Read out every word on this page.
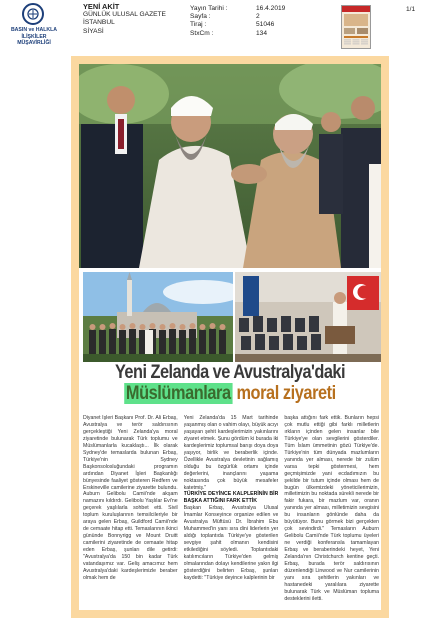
BASIN ve HALKLA İLİŞKİLER
MÜŞAVİRLİĞİ
YENİ AKİT
GÜNLÜK ULUSAL GAZETE
İSTANBUL
SİYASİ
Yayın Tarihi :
Sayfa :
Tiraj :
StxCm :
16.4.2019
2
51046
134
1/1
Yeni Zelanda ve Avustralya'daki
Müslümanlara moral ziyareti
Diyanet İşleri Başkanı Prof. Dr. Ali Erbaş, Avustralya ve terör saldırısının gerçekleştiği Yeni Zelanda'ya moral ziyaretinde bulunarak Türk toplumu ve Müslümanlarla kucaklaştı... İlk olarak Sydney'de temaslarda bulunan Erbaş, Türkiye'nin Sydney Başkonsolosluğundaki programın ardından Diyanet İşleri Başkanlığı bünyesinde faaliyet gösteren Redfern ve Erskineville camilerine ziyarette bulundu. Auburn Gelibolu Camii'nde akşam namazını kıldırdı. Gelibolu Yaşlılar Evi'ne geçerek yaşlılarla sohbet etti. Sivil toplum kuruluşlarının temsilcileriyle bir araya gelen Erbaş, Guildford Camii'nde de cemaate hitap etti. Temaslarının ikinci gününde Bonnyrigg ve Mount Druitt camilerini ziyaretinde de cemaate hitap eden Erbaş, şunları dile getirdi: "Avustralya'da 150 bin kadar Türk vatandaşımız var. Geliş amacımız hem Avustralya'daki kardeşlerimizle beraber olmak hem de
Yeni Zelanda'da 15 Mart tarihinde yaşanmış olan o vahim olayı, büyük acıyı yaşayan şehit kardeşlerimizin yakınlarını ziyaret etmek. Şunu gördüm ki burada iki kardeşlerimiz toplumsal barışı doya doya yaşıyor, birlik ve beraberlik içinde. Özellikle Avustralya devletinin sağlamış olduğu bu özgürlük ortamı içinde değerlerini, inançlarını yaşama noktasında çok büyük mesafeler katetmiş."
TÜRKİYE DEYİNCE KALPLERİNİN BİR BAŞKA ATTIĞINI FARK ETTİK
Başkan Erbaş, Avustralya Ulusal İmamlar Konseyince organize edilen ve Avustralya Müftüsü Dr. İbrahim Ebu Muhammed'in yanı sıra dini liderlerin yer aldığı toplantıda Türkiye'ye gösterilen sevgiye şahit olmanın kendisini etkilediğini söyledi. Toplantıdaki katılımcıların Türkiye'den gelmiş olmalarından dolayı kendilerine yakın ilgi gösterdiğini belirten Erbaş, şunları kaydetti: "Türkiye deyince kalplerinin bir
başka attığını fark ettik. Bunların hepsi çok mutlu ettiği gibi farklı milletlerin ırkların içinden gelen insanlar bile Türkiye'ye olan sevgilerini gösterdiler. Tüm İslam ümmetinin gözü Türkiye'de. Türkiye'nin tüm dünyada mazlumların yanında yer alması, nerede bir zulüm varsa tepki göstermesi, hem geçmişimizde yani ecdadımızın bu şekilde bir tutum içinde olması hem de bugün ülkemizdeki yöneticilerimizin, milletimizin bu noktada sürekli nerede bir fakir fukara, bir mazlum var, oranın yanında yer alması, milletimizin sevgisini bu insanların gönlünde daha da büyütüyor. Bunu görmek bizi gerçekten çok sevindirdi." Temasların Auburn Gelibolu Camii'nde Türk toplumu üyeleri ne verdiği konferansla tamamlayan Erbaş ve beraberindeki heyet, Yeni Zelanda'nın Christchurch kentine geçti. Erbaş, burada terör saldırısının düzenlendiği Linwood ve Nur camilerinin yanı sıra şehitlerin yakınları ve hastanedeki yaralılara ziyarette bulunarak Türk ve Müslüman topluma desteklerini iletti.
